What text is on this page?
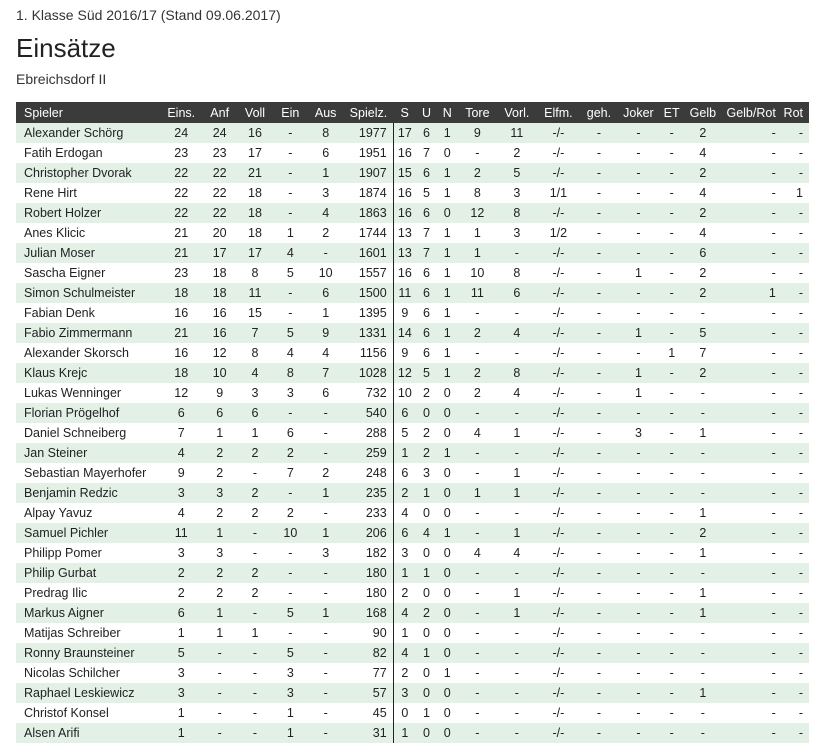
1. Klasse Süd 2016/17 (Stand 09.06.2017)
Einsätze
Ebreichsdorf II
Spieler	Eins.	Anf	Voll	Ein	Aus	Spielz.	S	U	N	Tore	Vorl.	Elfm.	geh.	Joker	ET	Gelb	Gelb/Rot	Rot
Alexander Schörg	24	24	16	-	8	1977	17	6	1	9	11	-/-	-	-	-	2	-	-
Fatih Erdogan	23	23	17	-	6	1951	16	7	0	-	2	-/-	-	-	-	4	-	-
Christopher Dvorak	22	22	21	-	1	1907	15	6	1	2	5	-/-	-	-	-	2	-	-
Rene Hirt	22	22	18	-	3	1874	16	5	1	8	3	1/1	-	-	-	4	-	1
Robert Holzer	22	22	18	-	4	1863	16	6	0	12	8	-/-	-	-	-	2	-	-
Anes Klicic	21	20	18	1	2	1744	13	7	1	1	3	1/2	-	-	-	4	-	-
Julian Moser	21	17	17	4	-	1601	13	7	1	1	-	-/-	-	-	-	6	-	-
Sascha Eigner	23	18	8	5	10	1557	16	6	1	10	8	-/-	-	1	-	2	-	-
Simon Schulmeister	18	18	11	-	6	1500	11	6	1	11	6	-/-	-	-	-	2	1	-
Fabian Denk	16	16	15	-	1	1395	9	6	1	-	-	-/-	-	-	-	-	-	-
Fabio Zimmermann	21	16	7	5	9	1331	14	6	1	2	4	-/-	-	1	-	5	-	-
Alexander Skorsch	16	12	8	4	4	1156	9	6	1	-	-	-/-	-	-	1	7	-	-
Klaus Krejc	18	10	4	8	7	1028	12	5	1	2	8	-/-	-	1	-	2	-	-
Lukas Wenninger	12	9	3	3	6	732	10	2	0	2	4	-/-	-	1	-	-	-	-
Florian Prögelhof	6	6	6	-	-	540	6	0	0	-	-	-/-	-	-	-	-	-	-
Daniel Schneiberg	7	1	1	6	-	288	5	2	0	4	1	-/-	-	3	-	1	-	-
Jan Steiner	4	2	2	2	-	259	1	2	1	-	-	-/-	-	-	-	-	-	-
Sebastian Mayerhofer	9	2	-	7	2	248	6	3	0	-	1	-/-	-	-	-	-	-	-
Benjamin Redzic	3	3	2	-	1	235	2	1	0	1	1	-/-	-	-	-	-	-	-
Alpay Yavuz	4	2	2	2	-	233	4	0	0	-	-	-/-	-	-	-	1	-	-
Samuel Pichler	11	1	-	10	1	206	6	4	1	-	1	-/-	-	-	-	2	-	-
Philipp Pomer	3	3	-	-	3	182	3	0	0	4	4	-/-	-	-	-	1	-	-
Philip Gurbat	2	2	2	-	-	180	1	1	0	-	-	-/-	-	-	-	-	-	-
Predrag Ilic	2	2	2	-	-	180	2	0	0	-	1	-/-	-	-	-	1	-	-
Markus Aigner	6	1	-	5	1	168	4	2	0	-	1	-/-	-	-	-	1	-	-
Matijas Schreiber	1	1	1	-	-	90	1	0	0	-	-	-/-	-	-	-	-	-	-
Ronny Braunsteiner	5	-	-	5	-	82	4	1	0	-	-	-/-	-	-	-	-	-	-
Nicolas Schilcher	3	-	-	3	-	77	2	0	1	-	-	-/-	-	-	-	-	-	-
Raphael Leskiewicz	3	-	-	3	-	57	3	0	0	-	-	-/-	-	-	-	1	-	-
Christof Konsel	1	-	-	1	-	45	0	1	0	-	-	-/-	-	-	-	-	-	-
Alsen Arifi	1	-	-	1	-	31	1	0	0	-	-	-/-	-	-	-	-	-	-
